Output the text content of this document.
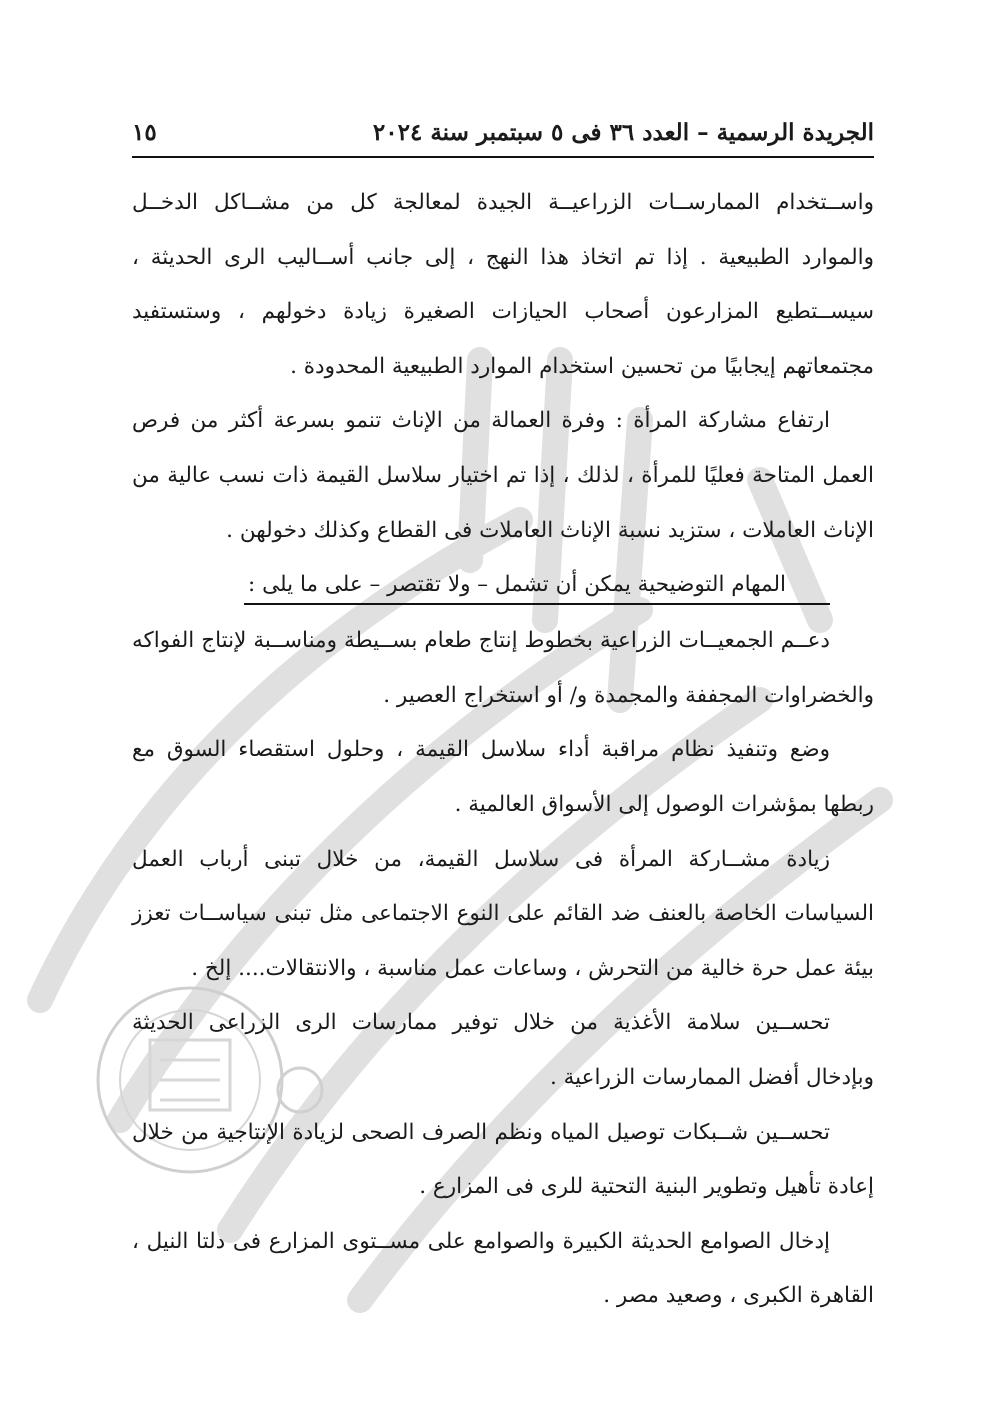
الجريدة الرسمية – العدد ٣٦ فى ٥ سبتمبر سنة ٢٠٢٤
١٥

واســتخدام الممارســات الزراعيــة الجيدة لمعالجة كل من مشــاكل الدخــل والموارد الطبيعية . إذا تم اتخاذ هذا النهج ، إلى جانب أســاليب الرى الحديثة ، سيســتطيع المزارعون أصحاب الحيازات الصغيرة زيادة دخولهم ، وستستفيد مجتمعاتهم إيجابيًا من تحسين استخدام الموارد الطبيعية المحدودة .

ارتفاع مشاركة المرأة : وفرة العمالة من الإناث تنمو بسرعة أكثر من فرص العمل المتاحة فعليًا للمرأة ، لذلك ، إذا تم اختيار سلاسل القيمة ذات نسب عالية من الإناث العاملات ، ستزيد نسبة الإناث العاملات فى القطاع وكذلك دخولهن .

المهام التوضيحية يمكن أن تشمل – ولا تقتصر – على ما يلى :

دعــم الجمعيــات الزراعية بخطوط إنتاج طعام بســيطة ومناســبة لإنتاج الفواكه والخضراوات المجففة والمجمدة و/ أو استخراج العصير .

وضع وتنفيذ نظام مراقبة أداء سلاسل القيمة ، وحلول استقصاء السوق مع ربطها بمؤشرات الوصول إلى الأسواق العالمية .

زيادة مشــاركة المرأة فى سلاسل القيمة، من خلال تبنى أرباب العمل السياسات الخاصة بالعنف ضد القائم على النوع الاجتماعى مثل تبنى سياســات تعزز بيئة عمل حرة خالية من التحرش ، وساعات عمل مناسبة ، والانتقالات.... إلخ .

تحســين سلامة الأغذية من خلال توفير ممارسات الرى الزراعى الحديثة وبإدخال أفضل الممارسات الزراعية .

تحســين شــبكات توصيل المياه ونظم الصرف الصحى لزيادة الإنتاجية من خلال إعادة تأهيل وتطوير البنية التحتية للرى فى المزارع .

إدخال الصوامع الحديثة الكبيرة والصوامع على مســتوى المزارع فى دلتا النيل ، القاهرة الكبرى ، وصعيد مصر .
